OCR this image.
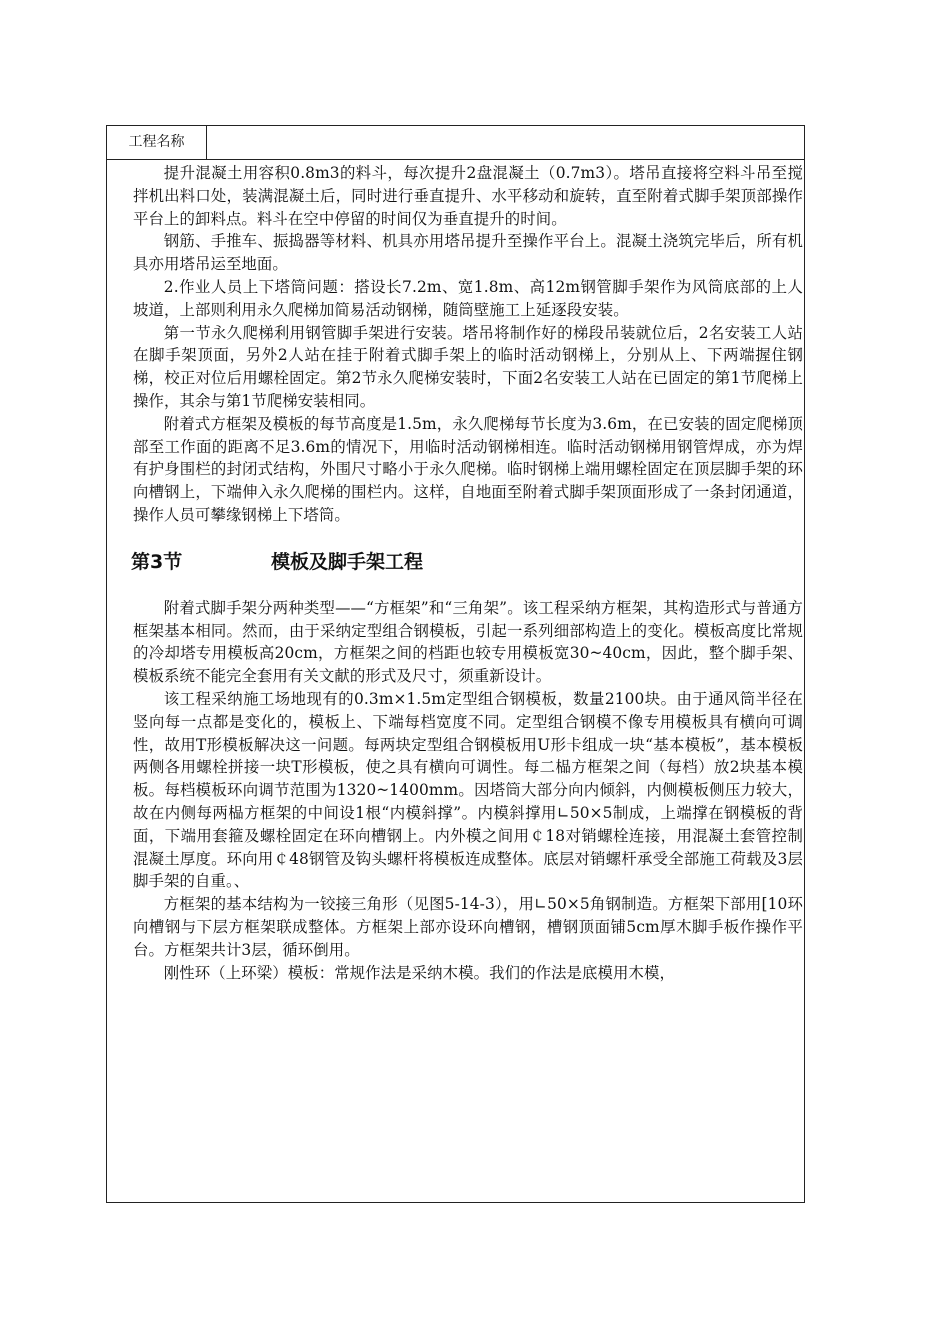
工程名称

提升混凝土用容积0.8m3的料斗，每次提升2盘混凝土（0.7m3）。塔吊直接将空料斗吊至搅拌机出料口处，装满混凝土后，同时进行垂直提升、水平移动和旋转，直至附着式脚手架顶部操作平台上的卸料点。料斗在空中停留的时间仅为垂直提升的时间。

钢筋、手推车、振捣器等材料、机具亦用塔吊提升至操作平台上。混凝土浇筑完毕后，所有机具亦用塔吊运至地面。

2.作业人员上下塔筒问题：搭设长7.2m、宽1.8m、高12m钢管脚手架作为风筒底部的上人坡道，上部则利用永久爬梯加简易活动钢梯，随筒壁施工上延逐段安装。

第一节永久爬梯利用钢管脚手架进行安装。塔吊将制作好的梯段吊装就位后，2名安装工人站在脚手架顶面，另外2人站在挂于附着式脚手架上的临时活动钢梯上，分别从上、下两端握住钢梯，校正对位后用螺栓固定。第2节永久爬梯安装时，下面2名安装工人站在已固定的第1节爬梯上操作，其余与第1节爬梯安装相同。

附着式方框架及模板的每节高度是1.5m，永久爬梯每节长度为3.6m，在已安装的固定爬梯顶部至工作面的距离不足3.6m的情况下，用临时活动钢梯相连。临时活动钢梯用钢管焊成，亦为焊有护身围栏的封闭式结构，外围尺寸略小于永久爬梯。临时钢梯上端用螺栓固定在顶层脚手架的环向槽钢上，下端伸入永久爬梯的围栏内。这样，自地面至附着式脚手架顶面形成了一条封闭通道，操作人员可攀缘钢梯上下塔筒。

第3节	模板及脚手架工程

附着式脚手架分两种类型——“方框架”和“三角架”。该工程采纳方框架，其构造形式与普通方框架基本相同。然而，由于采纳定型组合钢模板，引起一系列细部构造上的变化。模板高度比常规的冷却塔专用模板高20cm，方框架之间的档距也较专用模板宽30~40cm，因此，整个脚手架、模板系统不能完全套用有关文献的形式及尺寸，须重新设计。

该工程采纳施工场地现有的0.3m×1.5m定型组合钢模板，数量2100块。由于通风筒半径在竖向每一点都是变化的，模板上、下端每档宽度不同。定型组合钢模不像专用模板具有横向可调性，故用T形模板解决这一问题。每两块定型组合钢模板用U形卡组成一块“基本模板”，基本模板两侧各用螺栓拼接一块T形模板，使之具有横向可调性。每二榀方框架之间（每档）放2块基本模板。每档模板环向调节范围为1320~1400mm。因塔筒大部分向内倾斜，内侧模板侧压力较大，故在内侧每两榀方框架的中间设1根“内模斜撑”。内模斜撑用∟50×5制成，上端撑在钢模板的背面，下端用套箍及螺栓固定在环向槽钢上。内外模之间用￠18对销螺栓连接，用混凝土套管控制混凝土厚度。环向用￠48钢管及钩头螺杆将模板连成整体。底层对销螺杆承受全部施工荷载及3层脚手架的自重。、

方框架的基本结构为一铰接三角形（见图5-14-3），用∟50×5角钢制造。方框架下部用[10环向槽钢与下层方框架联成整体。方框架上部亦设环向槽钢，槽钢顶面铺5cm厚木脚手板作操作平台。方框架共计3层，循环倒用。

刚性环（上环梁）模板：常规作法是采纳木模。我们的作法是底模用木模，
